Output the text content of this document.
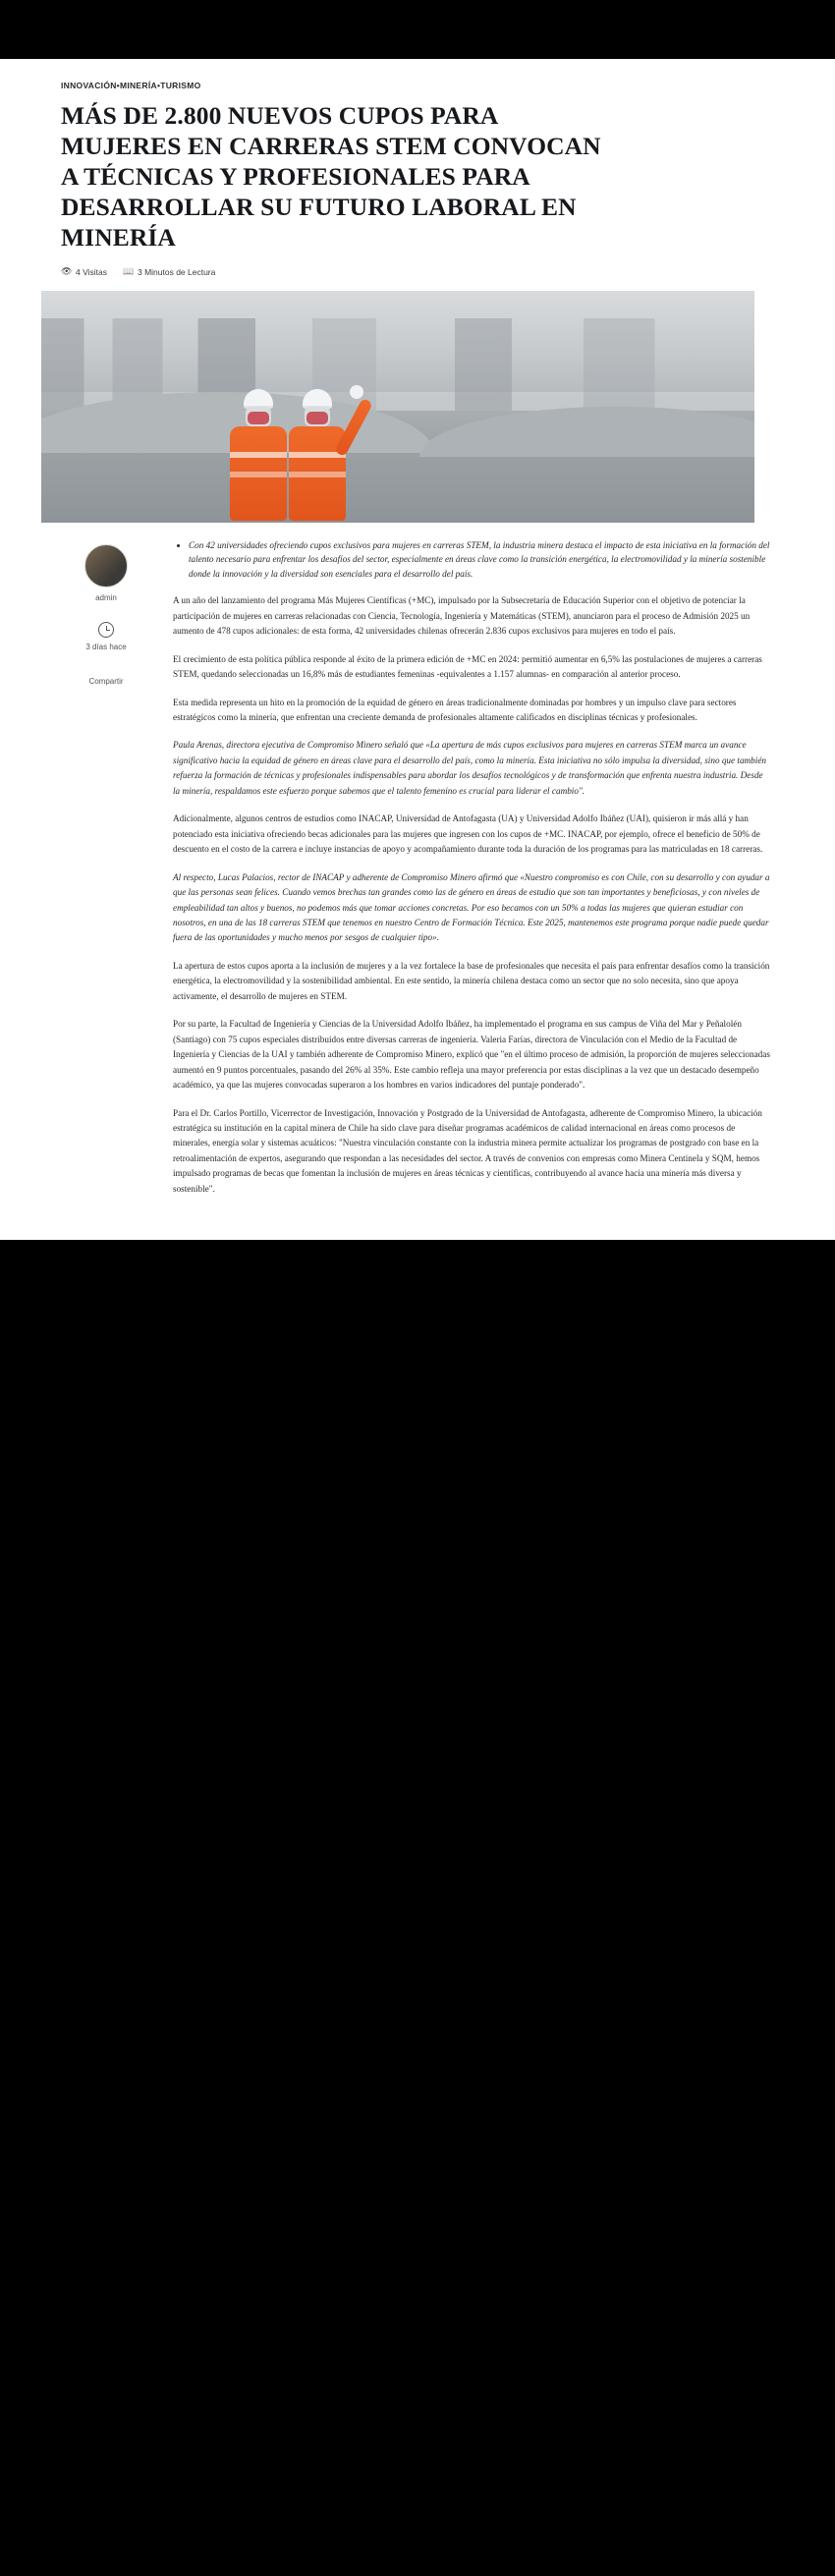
INNOVACIÓN•MINERÍA•TURISMO
MÁS DE 2.800 NUEVOS CUPOS PARA MUJERES EN CARRERAS STEM CONVOCAN A TÉCNICAS Y PROFESIONALES PARA DESARROLLAR SU FUTURO LABORAL EN MINERÍA
👁 4 Visitas 📖 3 Minutos de Lectura
admin
3 días hace
Compartir
• Con 42 universidades ofreciendo cupos exclusivos para mujeres en carreras STEM, la industria minera destaca el impacto de esta iniciativa en la formación del talento necesario para enfrentar los desafíos del sector, especialmente en áreas clave como la transición energética, la electromovilidad y la minería sostenible donde la innovación y la diversidad son esenciales para el desarrollo del país.

A un año del lanzamiento del programa Más Mujeres Científicas (+MC), impulsado por la Subsecretaría de Educación Superior con el objetivo de potenciar la participación de mujeres en carreras relacionadas con Ciencia, Tecnología, Ingeniería y Matemáticas (STEM), anunciaron para el proceso de Admisión 2025 un aumento de 478 cupos adicionales: de esta forma, 42 universidades chilenas ofrecerán 2.836 cupos exclusivos para mujeres en todo el país.

El crecimiento de esta política pública responde al éxito de la primera edición de +MC en 2024: permitió aumentar en 6,5% las postulaciones de mujeres a carreras STEM, quedando seleccionadas un 16,8% más de estudiantes femeninas -equivalentes a 1.157 alumnas- en comparación al anterior proceso.

Esta medida representa un hito en la promoción de la equidad de género en áreas tradicionalmente dominadas por hombres y un impulso clave para sectores estratégicos como la minería, que enfrentan una creciente demanda de profesionales altamente calificados en disciplinas técnicas y profesionales.

Paula Arenas, directora ejecutiva de Compromiso Minero señaló que «La apertura de más cupos exclusivos para mujeres en carreras STEM marca un avance significativo hacia la equidad de género en áreas clave para el desarrollo del país, como la minería. Esta iniciativa no sólo impulsa la diversidad, sino que también refuerza la formación de técnicas y profesionales indispensables para abordar los desafíos tecnológicos y de transformación que enfrenta nuestra industria. Desde la minería, respaldamos este esfuerzo porque sabemos que el talento femenino es crucial para liderar el cambio".

Adicionalmente, algunos centros de estudios como INACAP, Universidad de Antofagasta (UA) y Universidad Adolfo Ibáñez (UAI), quisieron ir más allá y han potenciado esta iniciativa ofreciendo becas adicionales para las mujeres que ingresen con los cupos de +MC. INACAP, por ejemplo, ofrece el beneficio de 50% de descuento en el costo de la carrera e incluye instancias de apoyo y acompañamiento durante toda la duración de los programas para las matriculadas en 18 carreras.

Al respecto, Lucas Palacios, rector de INACAP y adherente de Compromiso Minero afirmó que «Nuestro compromiso es con Chile, con su desarrollo y con ayudar a que las personas sean felices. Cuando vemos brechas tan grandes como las de género en áreas de estudio que son tan importantes y beneficiosas, y con niveles de empleabilidad tan altos y buenos, no podemos más que tomar acciones concretas. Por eso becamos con un 50% a todas las mujeres que quieran estudiar con nosotros, en una de las 18 carreras STEM que tenemos en nuestro Centro de Formación Técnica. Este 2025, mantenemos este programa porque nadie puede quedar fuera de las oportunidades y mucho menos por sesgos de cualquier tipo».

La apertura de estos cupos aporta a la inclusión de mujeres y a la vez fortalece la base de profesionales que necesita el país para enfrentar desafíos como la transición energética, la electromovilidad y la sostenibilidad ambiental. En este sentido, la minería chilena destaca como un sector que no solo necesita, sino que apoya activamente, el desarrollo de mujeres en STEM.

Por su parte, la Facultad de Ingeniería y Ciencias de la Universidad Adolfo Ibáñez, ha implementado el programa en sus campus de Viña del Mar y Peñalolén (Santiago) con 75 cupos especiales distribuidos entre diversas carreras de ingeniería. Valeria Farías, directora de Vinculación con el Medio de la Facultad de Ingeniería y Ciencias de la UAI y también adherente de Compromiso Minero, explicó que "en el último proceso de admisión, la proporción de mujeres seleccionadas aumentó en 9 puntos porcentuales, pasando del 26% al 35%. Este cambio refleja una mayor preferencia por estas disciplinas a la vez que un destacado desempeño académico, ya que las mujeres convocadas superaron a los hombres en varios indicadores del puntaje ponderado".

Para el Dr. Carlos Portillo, Vicerrector de Investigación, Innovación y Postgrado de la Universidad de Antofagasta, adherente de Compromiso Minero, la ubicación estratégica su institución en la capital minera de Chile ha sido clave para diseñar programas académicos de calidad internacional en áreas como procesos de minerales, energía solar y sistemas acuáticos: "Nuestra vinculación constante con la industria minera permite actualizar los programas de postgrado con base en la retroalimentación de expertos, asegurando que respondan a las necesidades del sector. A través de convenios con empresas como Minera Centinela y SQM, hemos impulsado programas de becas que fomentan la inclusión de mujeres en áreas técnicas y científicas, contribuyendo al avance hacia una minería más diversa y sostenible".
